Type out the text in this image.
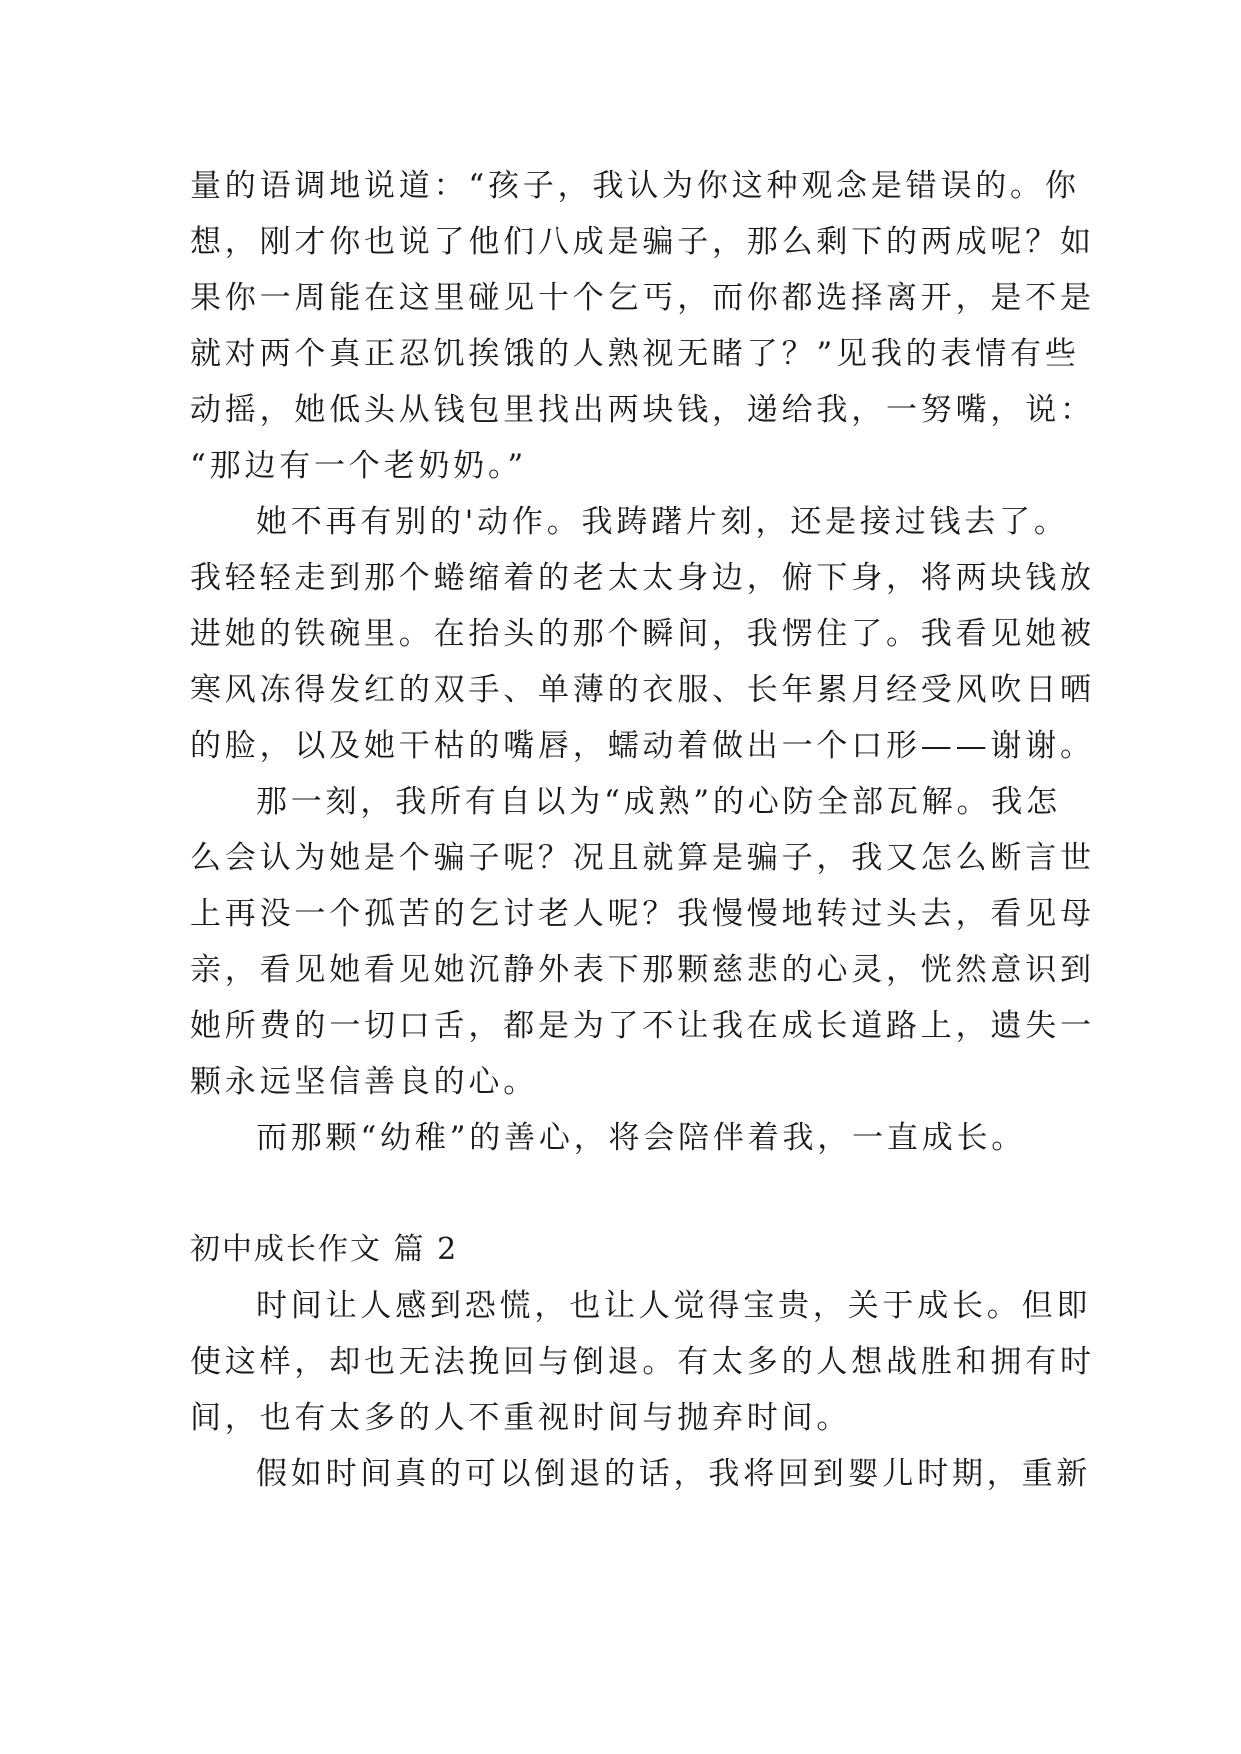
量的语调地说道：“孩子，我认为你这种观念是错误的。你
想，刚才你也说了他们八成是骗子，那么剩下的两成呢？如
果你一周能在这里碰见十个乞丐，而你都选择离开，是不是
就对两个真正忍饥挨饿的人熟视无睹了？”见我的表情有些
动摇，她低头从钱包里找出两块钱，递给我，一努嘴，说：
“那边有一个老奶奶。”
她不再有别的'动作。我踌躇片刻，还是接过钱去了。
我轻轻走到那个蜷缩着的老太太身边，俯下身，将两块钱放
进她的铁碗里。在抬头的那个瞬间，我愣住了。我看见她被
寒风冻得发红的双手、单薄的衣服、长年累月经受风吹日晒
的脸，以及她干枯的嘴唇，蠕动着做出一个口形——谢谢。
那一刻，我所有自以为“成熟”的心防全部瓦解。我怎
么会认为她是个骗子呢？况且就算是骗子，我又怎么断言世
上再没一个孤苦的乞讨老人呢？我慢慢地转过头去，看见母
亲，看见她看见她沉静外表下那颗慈悲的心灵，恍然意识到
她所费的一切口舌，都是为了不让我在成长道路上，遗失一
颗永远坚信善良的心。
而那颗“幼稚”的善心，将会陪伴着我，一直成长。
初中成长作文 篇 2
时间让人感到恐慌，也让人觉得宝贵，关于成长。但即
使这样，却也无法挽回与倒退。有太多的人想战胜和拥有时
间，也有太多的人不重视时间与抛弃时间。
假如时间真的可以倒退的话，我将回到婴儿时期，重新
